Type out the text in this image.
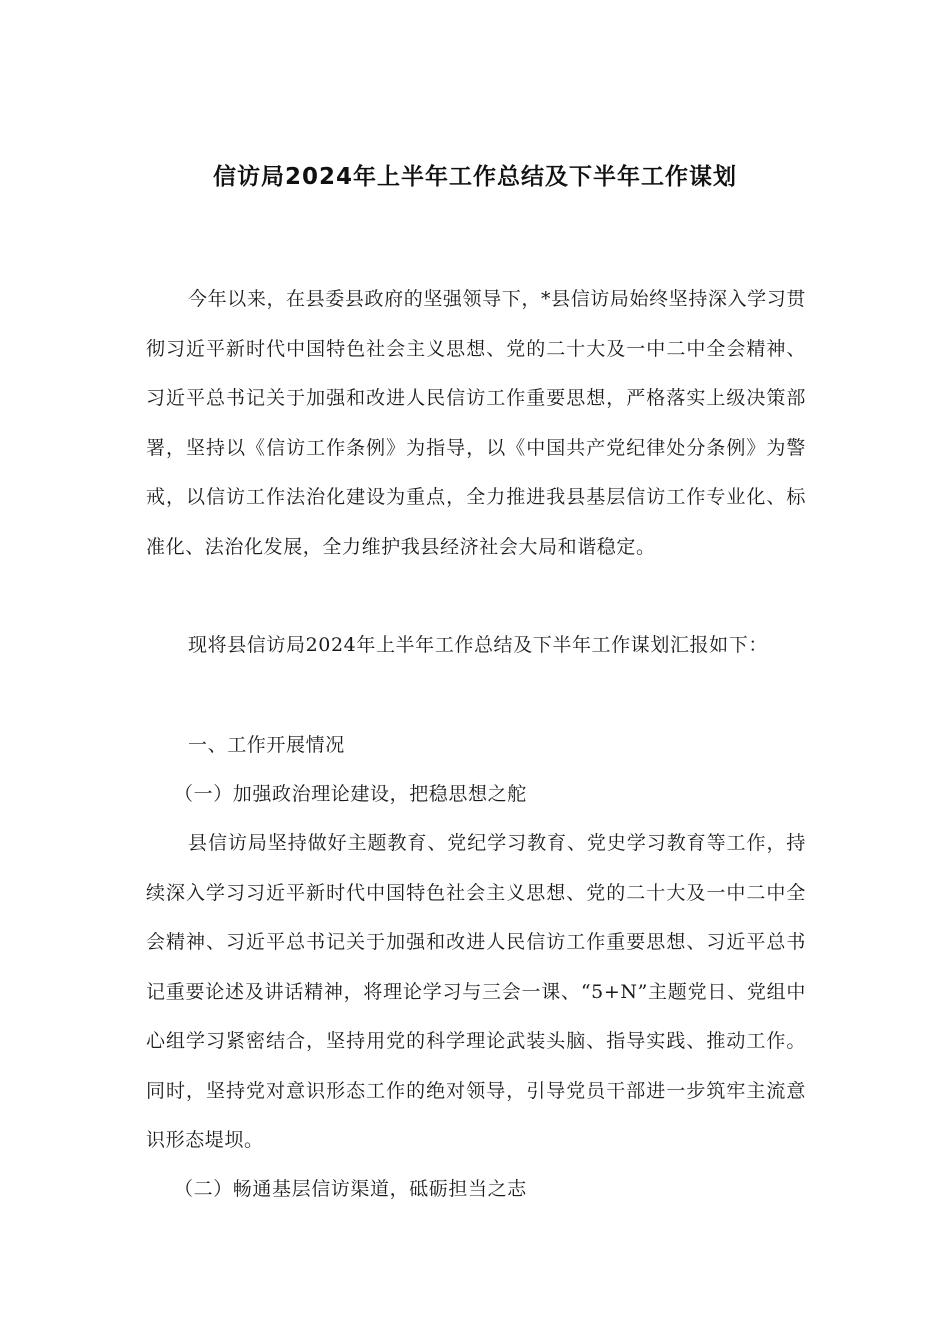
信访局2024年上半年工作总结及下半年工作谋划

今年以来，在县委县政府的坚强领导下，*县信访局始终坚持深入学习贯彻习近平新时代中国特色社会主义思想、党的二十大及一中二中全会精神、习近平总书记关于加强和改进人民信访工作重要思想，严格落实上级决策部署，坚持以《信访工作条例》为指导，以《中国共产党纪律处分条例》为警戒，以信访工作法治化建设为重点，全力推进我县基层信访工作专业化、标准化、法治化发展，全力维护我县经济社会大局和谐稳定。

现将县信访局2024年上半年工作总结及下半年工作谋划汇报如下：

一、工作开展情况

（一）加强政治理论建设，把稳思想之舵

县信访局坚持做好主题教育、党纪学习教育、党史学习教育等工作，持续深入学习习近平新时代中国特色社会主义思想、党的二十大及一中二中全会精神、习近平总书记关于加强和改进人民信访工作重要思想、习近平总书记重要论述及讲话精神，将理论学习与三会一课、“5+N”主题党日、党组中心组学习紧密结合，坚持用党的科学理论武装头脑、指导实践、推动工作。同时，坚持党对意识形态工作的绝对领导，引导党员干部进一步筑牢主流意识形态堤坝。

（二）畅通基层信访渠道，砥砺担当之志
